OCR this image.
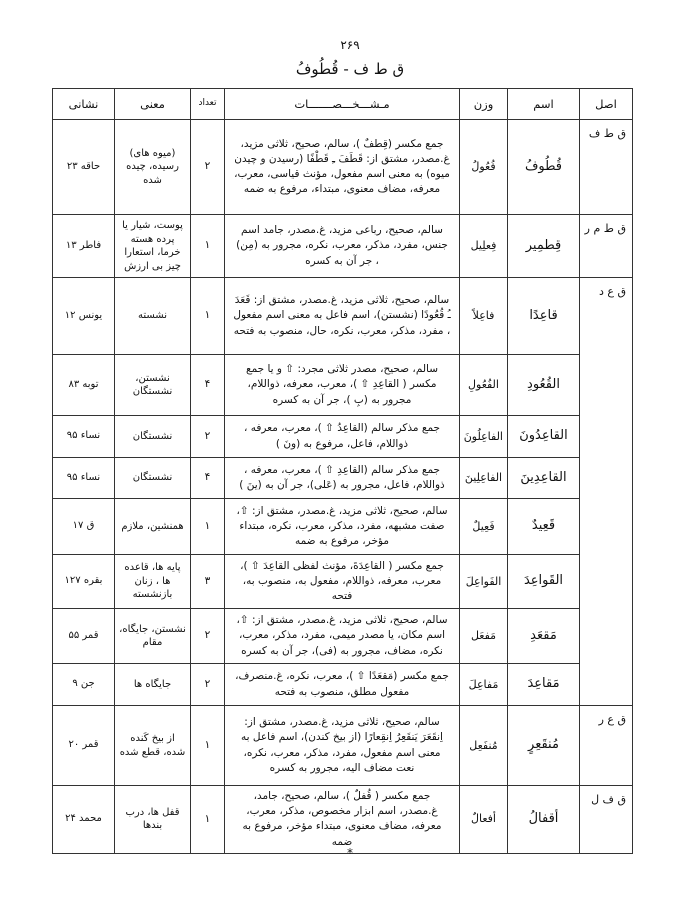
۲۶۹
ق ط ف - قُطُوفُ
اصل	اسم	وزن	مـشـــخـــصـــــــات	تعداد	معنی	نشانی
ق ط ف	قُطُوفُ	فُعُولُ	جمع مکسر (قِطفٌ )، سالم، صحیح، ثلاثی مزید، غ.مصدر، مشتق از: قَطَفَ ـِ قَطْفًا (رسیدن و چیدن میوه) به معنی اسم مفعول، مؤنث قیاسی، معرب، معرفه، مضاف معنوی، مبتداء، مرفوع به ضمه	۲	(میوه های) رسیده، چیده شده	حاقه ۲۳
ق ط م ر	قِطمِیر	فِعلِیل	سالم، صحیح، رباعی مزید، غ.مصدر، جامد اسم جنس، مفرد، مذکر، معرب، نکره، مجرور به (مِن) ، جر آن به کسره	۱	پوست، شیار یا پرده هسته خرما، استعارا چیز بی ارزش	فاطر ۱۳
ق ع د	قاعِدًا	فاعِلاً	سالم، صحیح، ثلاثی مزید، غ.مصدر، مشتق از: قَعَدَ ـُ قُعُودًا (نشستن)، اسم فاعل به معنی اسم مفعول ، مفرد، مذکر، معرب، نکره، حال، منصوب به فتحه	۱	نشسته	یونس ۱۲
	القُعُودِ	الفُعُولِ	سالم، صحیح، مصدر ثلاثی مجرد: ⇧ و یا جمع مکسر ( القاعِدِ ⇧ )، معرب، معرفه، ذواللام، مجرور به (بِ )، جر آن به کسره	۴	نشستن، نشستگان	توبه ۸۳
	القاعِدُونَ	الفاعِلُونَ	جمع مذکر سالم (القاعِدُ ⇧ )، معرب، معرفه ، ذواللام، فاعل، مرفوع به (ونَ )	۲	نشستگان	نساء ۹۵
	القاعِدِینَ	الفاعِلِینَ	جمع مذکر سالم (القاعِدِ ⇧ )، معرب، معرفه ، ذواللام، فاعل، مجرور به (عَلی)، جر آن به (ینَ )	۴	نشستگان	نساء ۹۵
	قَعِیدٌ	فَعِیلٌ	سالم، صحیح، ثلاثی مزید، غ.مصدر، مشتق از: ⇧، صفت مشبهه، مفرد، مذکر، معرب، نکره، مبتداء مؤخر، مرفوع به ضمه	۱	همنشین، ملازم	ق ۱۷
	القَواعِدَ	الفَواعِلَ	جمع مکسر ( القاعِدَةَ، مؤنث لفظی القاعِدَ ⇧ )، معرب، معرفه، ذواللام، مفعول به، منصوب به، فتحه	۳	پایه ها، قاعده ها ، زنان بازنشسته	بقره ۱۲۷
	مَقعَدِ	مَفعَل	سالم، صحیح، ثلاثی مزید، غ.مصدر، مشتق از: ⇧، اسم مکان، یا مصدر میمی، مفرد، مذکر، معرب، نکره، مضاف، مجرور به (فی)، جر آن به کسره	۲	نشستن، جایگاه، مقام	قمر ۵۵
	مَقاعِدَ	مَفاعِلَ	جمع مکسر (مَقعَدًا ⇧ )، معرب، نکره، غ.منصرف، مفعول مطلق، منصوب به فتحه	۲	جایگاه ها	جن ۹
ق ع ر	مُنقَعِرٍ	مُنفَعِل	سالم، صحیح، ثلاثی مزید، غ.مصدر، مشتق از: اِنقَعَرَ یَنقَعِرُ اِنقِعارًا (از بیخ کندن)، اسم فاعل به معنی اسم مفعول، مفرد، مذکر، معرب، نکره، نعت مضاف الیه، مجرور به کسره	۱	از بیخ کَنده شده، قطع شده	قمر ۲۰
ق ف ل	أقفالُ	أفعالٌ	جمع مکسر ( قُفلٌ )، سالم، صحیح، جامد، غ.مصدر، اسم ابزار مخصوص، مذکر، معرب، معرفه، مضاف معنوی، مبتداء مؤخر، مرفوع به ضمه	۱	قفل ها، درب بندها	محمد ۲۴
*
